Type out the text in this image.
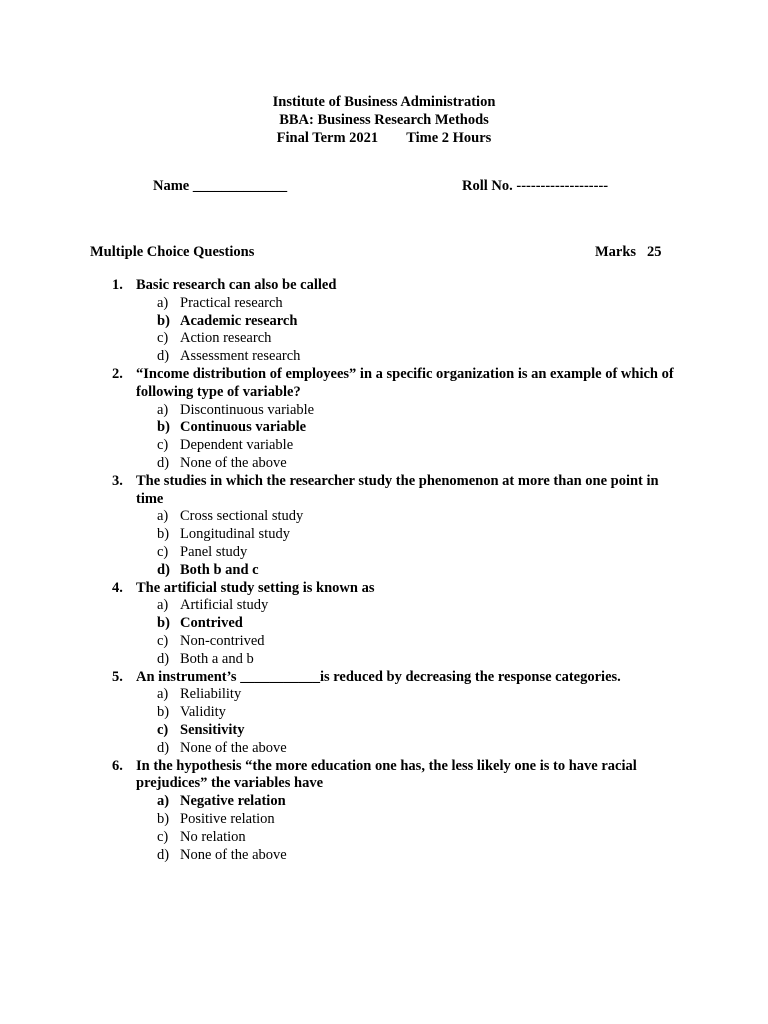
Institute of Business Administration
BBA: Business Research Methods
Final Term 2021 Time 2 Hours
Name _____________	Roll No. -------------------
Multiple Choice Questions	Marks 25
1. Basic research can also be called
a) Practical research
b) Academic research
c) Action research
d) Assessment research
2. “Income distribution of employees” in a specific organization is an example of which of following type of variable?
a) Discontinuous variable
b) Continuous variable
c) Dependent variable
d) None of the above
3. The studies in which the researcher study the phenomenon at more than one point in time
a) Cross sectional study
b) Longitudinal study
c) Panel study
d) Both b and c
4. The artificial study setting is known as
a) Artificial study
b) Contrived
c) Non-contrived
d) Both a and b
5. An instrument’s ___________is reduced by decreasing the response categories.
a) Reliability
b) Validity
c) Sensitivity
d) None of the above
6. In the hypothesis “the more education one has, the less likely one is to have racial prejudices” the variables have
a) Negative relation
b) Positive relation
c) No relation
d) None of the above
